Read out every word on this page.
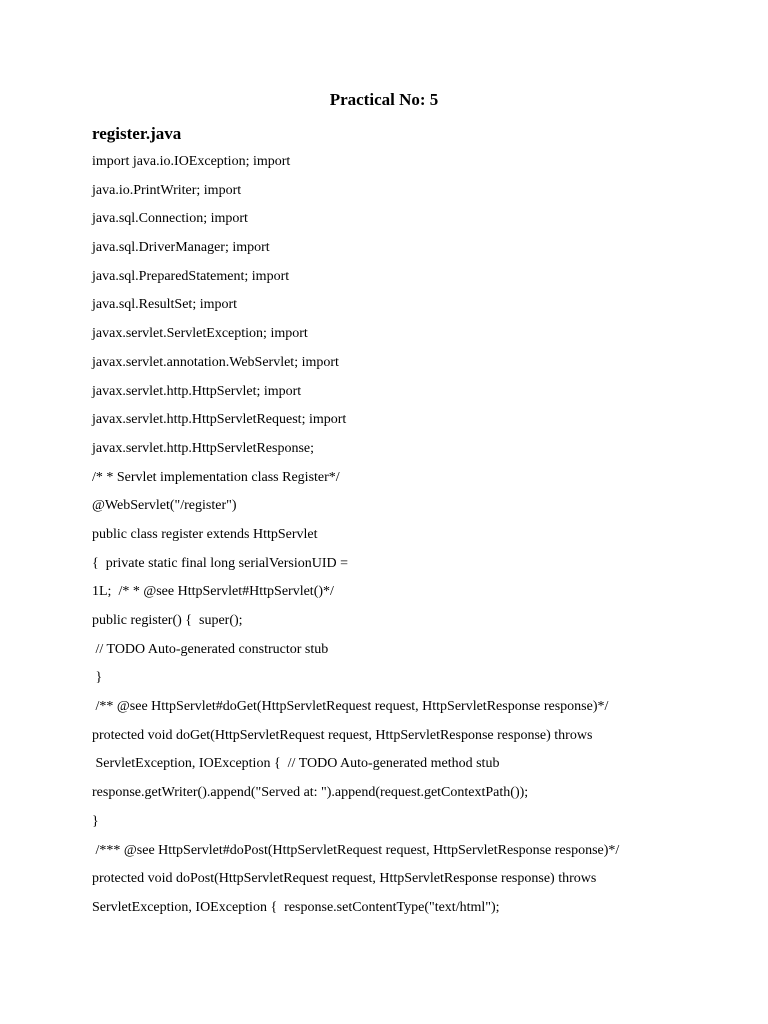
Practical No: 5
register.java
import java.io.IOException; import
java.io.PrintWriter; import
java.sql.Connection; import
java.sql.DriverManager; import
java.sql.PreparedStatement; import
java.sql.ResultSet; import
javax.servlet.ServletException; import
javax.servlet.annotation.WebServlet; import
javax.servlet.http.HttpServlet; import
javax.servlet.http.HttpServletRequest; import
javax.servlet.http.HttpServletResponse;
/* * Servlet implementation class Register*/
@WebServlet("/register")
public class register extends HttpServlet
{  private static final long serialVersionUID =
1L;  /* * @see HttpServlet#HttpServlet()*/
public register() {  super();
// TODO Auto-generated constructor stub
}
/** @see HttpServlet#doGet(HttpServletRequest request, HttpServletResponse response)*/
protected void doGet(HttpServletRequest request, HttpServletResponse response) throws
ServletException, IOException {  // TODO Auto-generated method stub
response.getWriter().append("Served at: ").append(request.getContextPath());
}
/*** @see HttpServlet#doPost(HttpServletRequest request, HttpServletResponse response)*/
protected void doPost(HttpServletRequest request, HttpServletResponse response) throws
ServletException, IOException {  response.setContentType("text/html");
